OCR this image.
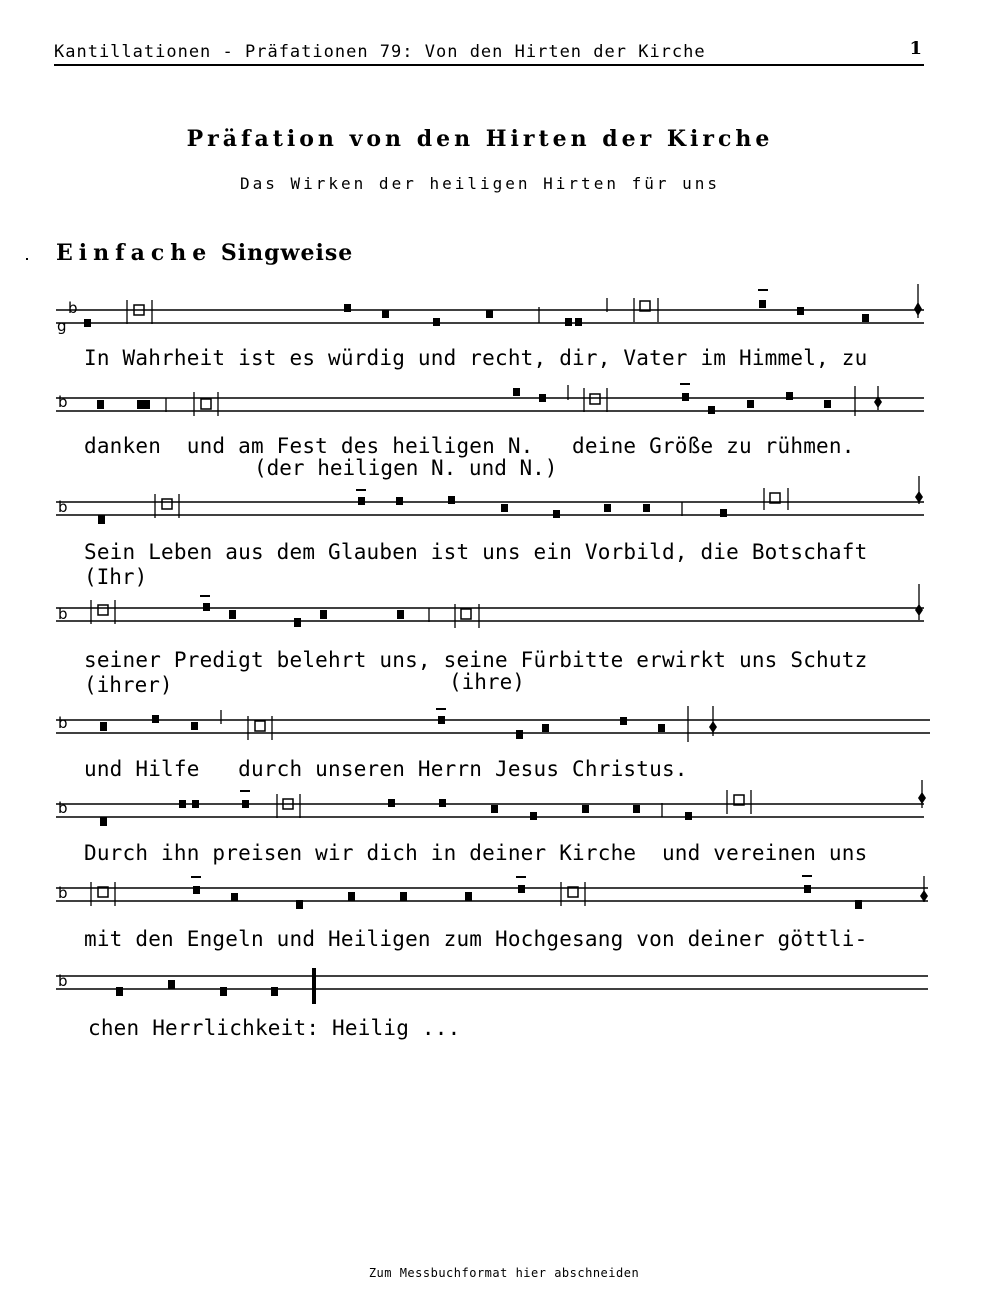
Kantillationen - Präfationen 79: Von den Hirten der Kirche	1
Präfation von den Hirten der Kirche
Das Wirken der heiligen Hirten für uns
Einfache Singweise
b
g
In Wahrheit ist es würdig und recht, dir, Vater im Himmel, zu
b
danken  und am Fest des heiligen N.   deine Größe zu rühmen.
(der heiligen N. und N.)
b
Sein Leben aus dem Glauben ist uns ein Vorbild, die Botschaft
(Ihr)
b
seiner Predigt belehrt uns, seine Fürbitte erwirkt uns Schutz
(ihrer)	(ihre)
b
und Hilfe   durch unseren Herrn Jesus Christus.
b
Durch ihn preisen wir dich in deiner Kirche  und vereinen uns
b
mit den Engeln und Heiligen zum Hochgesang von deiner göttli-
b
chen Herrlichkeit: Heilig ...
Zum Messbuchformat hier abschneiden
